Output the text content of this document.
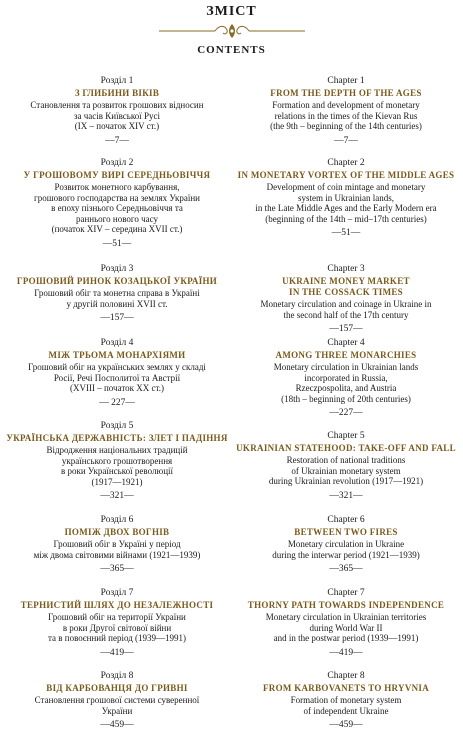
ЗМІСТ
CONTENTS
Розділ 1
З ГЛИБИНИ ВІКІВ
Становлення та розвиток грошових відносин
за часів Київської Русі
(IX – початок XIV ст.)
—7—
Розділ 2
У ГРОШОВОМУ ВИРІ СЕРЕДНЬОВІЧЧЯ
Розвиток монетного карбування,
грошового господарства на землях України
в епоху пізнього Середньовіччя та
раннього нового часу
(початок XIV – середина XVII ст.)
—51—
Розділ 3
ГРОШОВИЙ РИНОК КОЗАЦЬКОЇ УКРАЇНИ
Грошовий обіг та монетна справа в Україні
у другій половині XVII ст.
—157—
Розділ 4
МІЖ ТРЬОМА МОНАРХІЯМИ
Грошовий обіг на українських землях у складі
Росії, Речі Посполитої та Австрії
(XVIII – початок XX ст.)
— 227—
Розділ 5
УКРАЇНСЬКА ДЕРЖАВНІСТЬ: ЗЛЕТ І ПАДІННЯ
Відродження національних традицій
українського грошотворення
в роки Української революції
(1917—1921)
—321—
Розділ 6
ПОМІЖ ДВОХ ВОГНІВ
Грошовий обіг в Україні у період
між двома світовими війнами (1921—1939)
—365—
Розділ 7
ТЕРНИСТИЙ ШЛЯХ ДО НЕЗАЛЕЖНОСТІ
Грошовий обіг на території України
в роки Другої світової війни
та в повоєнний період (1939—1991)
—419—
Розділ 8
ВІД КАРБОВАНЦЯ ДО ГРИВНІ
Становлення грошової системи суверенної
України
—459—
Chapter 1
FROM THE DEPTH OF THE AGES
Formation and development of monetary
relations in the times of the Kievan Rus
(the 9th – beginning of the 14th centuries)
—7—
Chapter 2
IN MONETARY VORTEX OF THE MIDDLE AGES
Development of coin mintage and monetary
system in Ukrainian lands,
in the Late Middle Ages and the Early Modern era
(beginning of the 14th – mid–17th centuries)
—51—
Chapter 3
UKRAINE MONEY MARKET
IN THE COSSACK TIMES
Monetary circulation and coinage in Ukraine in
the second half of the 17th century
—157—
Chapter 4
AMONG THREE MONARCHIES
Monetary circulation in Ukrainian lands
incorporated in Russia,
Rzeczpospolita, and Austria
(18th – beginning of 20th centuries)
—227—
Chapter 5
UKRAINIAN STATEHOOD: TAKE-OFF AND FALL
Restoration of national traditions
of Ukrainian monetary system
during Ukrainian revolution (1917—1921)
—321—
Chapter 6
BETWEEN TWO FIRES
Monetary circulation in Ukraine
during the interwar period (1921—1939)
—365—
Chapter 7
THORNY PATH TOWARDS INDEPENDENCE
Monetary circulation in Ukrainian territories
during World War II
and in the postwar period (1939—1991)
—419—
Chapter 8
FROM KARBOVANETS TO HRYVNIA
Formation of monetary system
of independent Ukraine
—459—
